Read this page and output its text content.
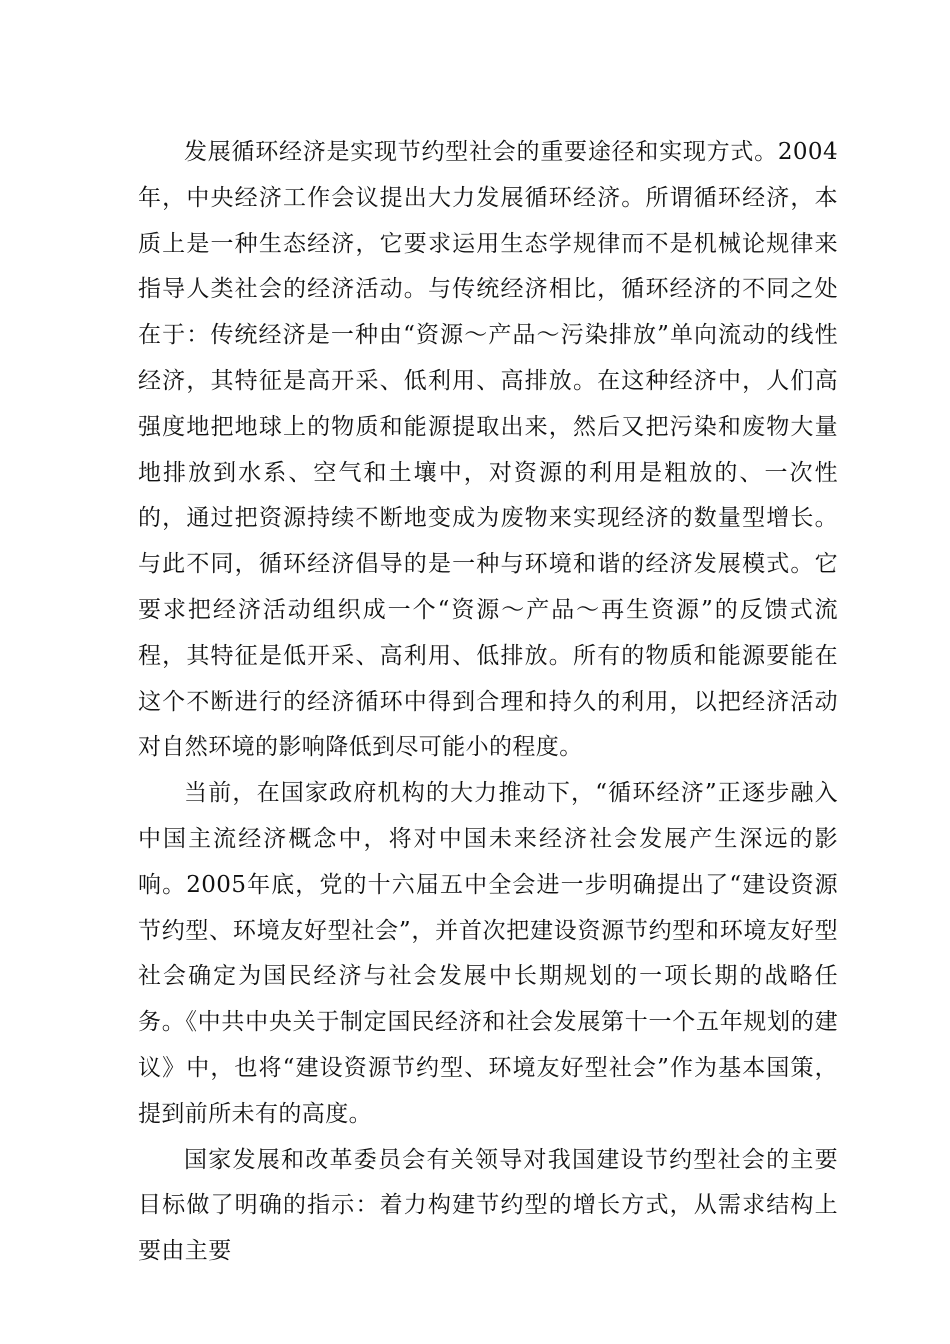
发展循环经济是实现节约型社会的重要途径和实现方式。2004年，中央经济工作会议提出大力发展循环经济。所谓循环经济，本质上是一种生态经济，它要求运用生态学规律而不是机械论规律来指导人类社会的经济活动。与传统经济相比，循环经济的不同之处在于：传统经济是一种由“资源～产品～污染排放”单向流动的线性经济，其特征是高开采、低利用、高排放。在这种经济中，人们高强度地把地球上的物质和能源提取出来，然后又把污染和废物大量地排放到水系、空气和土壤中，对资源的利用是粗放的、一次性的，通过把资源持续不断地变成为废物来实现经济的数量型增长。与此不同，循环经济倡导的是一种与环境和谐的经济发展模式。它要求把经济活动组织成一个“资源～产品～再生资源”的反馈式流程，其特征是低开采、高利用、低排放。所有的物质和能源要能在这个不断进行的经济循环中得到合理和持久的利用，以把经济活动对自然环境的影响降低到尽可能小的程度。

当前，在国家政府机构的大力推动下，“循环经济”正逐步融入中国主流经济概念中，将对中国未来经济社会发展产生深远的影响。2005年底，党的十六届五中全会进一步明确提出了“建设资源节约型、环境友好型社会”，并首次把建设资源节约型和环境友好型社会确定为国民经济与社会发展中长期规划的一项长期的战略任务。《中共中央关于制定国民经济和社会发展第十一个五年规划的建议》中，也将“建设资源节约型、环境友好型社会”作为基本国策，提到前所未有的高度。

国家发展和改革委员会有关领导对我国建设节约型社会的主要目标做了明确的指示：着力构建节约型的增长方式，从需求结构上要由主要
